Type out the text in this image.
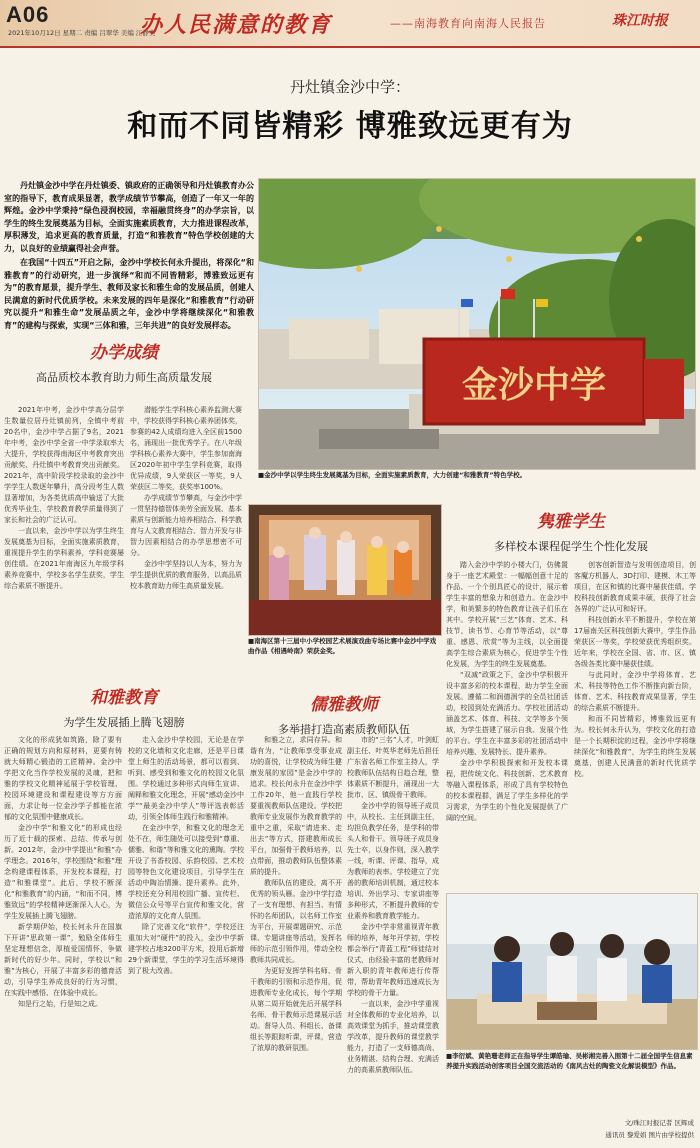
A06
2021年10月12日 星期二 责编 吕翠华 美编 江静奕
办人民满意的教育	——南海教育向南海人民报告	珠江时报
丹灶镇金沙中学：
和而不同皆精彩 博雅致远更有为

丹灶镇金沙中学在丹灶镇委、镇政府的正确领导和丹灶镇教育办公室的指导下，教育成果显著，教学成绩节节攀高，创造了一年又一年的辉煌。金沙中学秉持“绿色浸润校园，幸福融贯终身”的办学宗旨，以学生的终生发展奠基为目标，全面实施素质教育，大力推进课程改革，厚积薄发，追求更高的教育质量，打造“和雅教育”特色学校创建的大力，以良好的业绩赢得社会声誉。

在我国“十四五”开启之际，金沙中学校长何永升提出，将深化“和雅教育”的行动研究，进一步演绎“和而不同皆精彩，博雅致远更有为”的教育愿景，提升学生、教师及家长和雅生命的发展品质，创建人民满意的新时代优质学校。未来发展的四年是深化“和雅教育”行动研究以提升“和雅生命”发展品质之年，金沙中学将继续深化“和雅教育”的建构与探索，实现“三体和雅，三年共进”的良好发展样态。

金沙中学
■金沙中学以学生终生发展奠基为目标，全面实施素质教育，大力创建“和雅教育”特色学校。
■南海区第十三届中小学校园艺术展演戏曲专场比赛中金沙中学戏曲作品《相遇岭南》荣获金奖。
办学成绩
高品质校本教育助力师生高质量发展

2021年中考，金沙中学高分层学生数量位居丹灶镇前列，全镇中考前20名中，金沙中学占据了9名，2021年中考，金沙中学全省一中学录取率大大提升，学校获得南海区中考教育突出贡献奖、丹灶镇中考教育突出贡献奖。2021年，高中阶段学校录取的金沙中学学生人数逐年攀升，高分段考生人数显著增加，为各类优质高中输送了大批优秀毕业生，学校教育教学质量得到了家长和社会的广泛认可。

一直以来，金沙中学以为学生终生发展奠基为目标，全面实施素质教育，重视提升学生的学科素养，学科竞赛屡创佳绩。在2021年南海区九年级学科素养竞赛中，学校多名学生获奖，学生综合素质不断提升。

潜能学生学科核心素养监测大赛中，学校获得学科核心素养团体奖，参赛的42人成绩均进入全区前1500名，涌现出一批优秀学子。在八年级学科核心素养大赛中，学生参加南海区2020年初中学生学科竞赛，取得优异成绩，9人荣获区一等奖，9人荣获区二等奖，获奖率100%。

办学成绩节节攀高，与金沙中学一贯坚持德智体美劳全面发展、基本素质与创新能力培养相结合、科学教育与人文教育相结合、智力开发与非智力因素相结合的办学思想密不可分。

金沙中学坚持以人为本，努力为学生提供优质的教育服务，以高品质校本教育助力师生高质量发展。

和雅教育
为学生发展插上腾飞翅膀

文化的形成犹如筑路，除了要有正确的规划方向和原材料，更要有铸就大师精心锻造的工匠精神。金沙中学把文化当作学校发展的灵魂，把和雅的学校文化精神延展于学校管理、校园环境建设和课程建设等方方面面，力求让每一位金沙学子都能在浓郁的文化氛围中健康成长。

金沙中学“和雅文化”的形成也经历了近十载的探索、总结、传承与创新。2012年，金沙中学提出“和雅”办学理念。2016年，学校围绕“和雅”理念构建课程体系，开发校本课程，打造“和雅课堂”。此后，学校不断深化“和雅教育”的内涵，“和而不同，博雅致远”的学校精神逐渐深入人心，为学生发展插上腾飞翅膀。

新学期伊始，校长何永升在国旗下开讲“思政第一课”，勉励全体师生坚定理想信念，厚植爱国情怀，争做新时代的好少年。同时，学校以“和雅”为核心，开展了丰富多彩的德育活动，引导学生养成良好的行为习惯，在实践中感悟、在体验中成长。

知是行之始，行是知之成。

走入金沙中学校园，无论是在学校的文化墙和文化走廊，还是平日课堂上师生的活动场景，都可以看到、听到、感受到和雅文化的校园文化氛围。学校通过多种形式向师生宣讲、阐释和雅文化理念，开展“感动金沙中学”“最美金沙中学人”等评选表彰活动，引领全体师生践行和雅精神。

在金沙中学，和雅文化的理念无处不在，师生随处可以接受到“尊重、儒雅、和谐”等和雅文化的熏陶。学校开设了书香校园、乐韵校园、艺术校园等特色文化建设项目，引导学生在活动中陶冶情操、提升素养。此外，学校还充分利用校园广播、宣传栏、微信公众号等平台宣传和雅文化，营造浓厚的文化育人氛围。

除了完善文化“软件”，学校还注重加大对“硬件”的投入，金沙中学新建学校占地3200平方米，投用后新增29个新课堂，学生的学习生活环境得到了极大改善。

儒雅教师
多举措打造高素质教师队伍

和雅之立，求同存异。和谐有为，“让教师享受事业成功的喜悦，让学校成为师生健康发展的家园”是金沙中学的追求。校长何永升在金沙中学工作20年，他一直践行学校要重视教师队伍建设。学校把教师专业发展作为教育教学的重中之重，采取“请进来、走出去”等方式，搭建教师成长平台，加强骨干教师培养，以点带面，推动教师队伍整体素质的提升。

教师队伍的建设，离不开优秀的领头雁。金沙中学打造了一支有理想、有担当、有情怀的名师团队，以名师工作室为平台，开展课题研究、示范课、专题讲座等活动，发挥名师的示范引领作用，带动全校教师共同成长。

为更好发挥学科名师、骨干教师的引领和示范作用，促进教师专业化成长，每个学期从第二周开始就先后开展学科名师、骨干教师示范课展示活动。督导人员、科组长、备课组长等跟踪听课，评课，营造了浓厚的教研氛围。

市的“三名”人才，叶剑虹副主任、叶英华老师先后担任广东省名师工作室主持人，学校教师队伍结构日趋合理，整体素质不断提升，涌现出一大批市、区、镇级骨干教师。

金沙中学的领导班子成员中，从校长、主任到副主任，均担负教学任务，是学科的带头人和骨干。领导班子成员身先士卒，以身作则，深入教学一线，听课、评课、指导，成为教师的表率。学校建立了完善的教师培训机制，通过校本培训、外出学习、专家讲座等多种形式，不断提升教师的专业素养和教育教学能力。

金沙中学非常重视青年教师的培养，每年开学初，学校都会举行“青蓝工程”师徒结对仪式，由经验丰富的老教师对新入职的青年教师进行传帮带，帮助青年教师迅速成长为学校的骨干力量。

一直以来，金沙中学重视对全体教师的专业化培养，以高效课堂为抓手，推动课堂教学改革，提升教师的课堂教学能力，打造了一支师德高尚、业务精湛、结构合理、充满活力的高素质教师队伍。

隽雅学生
多样校本课程促学生个性化发展

踏入金沙中学的小楼大门，仿佛置身于一座艺术殿堂：一幅幅创意十足的作品、一个个别具匠心的设计，展示着学生丰富的想象力和创造力。在金沙中学，和美繁多的特色教育让孩子们乐在其中。学校开展“三艺”体育、艺术、科技节，读书节、心育节等活动，以“尊重、感恩、欣赏”等为主线，以全面提高学生综合素质为核心，促进学生个性化发展，为学生的终生发展奠基。

“双减”政策之下，金沙中学积极开设丰富多彩的校本课程，助力学生全面发展。遵循二和润德润学的全员社团活动，校园到处充满活力。学校社团活动涵盖艺术、体育、科技、文学等多个领域，为学生搭建了展示自我、发展个性的平台。学生在丰富多彩的社团活动中培养兴趣、发展特长、提升素养。

金沙中学积极探索和开发校本课程，把传统文化、科技创新、艺术教育等融入课程体系，形成了具有学校特色的校本课程群，满足了学生多样化的学习需求，为学生的个性化发展提供了广阔的空间。

创客创新智造与发明创造项目，创客魔方机器人、3D打印、建模、木工等项目，在区和镇的比赛中屡获佳绩。学校科技创新教育成果丰硕，获得了社会各界的广泛认可和好评。

科技创新水平不断提升，学校在第17届南关区科技创新大赛中，学生作品荣获区一等奖，学校荣获优秀组织奖。近年来，学校在全国、省、市、区、镇各级各类比赛中屡获佳绩。

与此同时，金沙中学将体育、艺术、科技等特色工作不断推向新台阶，体育、艺术、科技教育成果显著，学生的综合素质不断提升。

和而不同皆精彩，博雅致远更有为。校长何永升认为，学校文化的打造是一个长期积淀的过程，金沙中学将继续深化“和雅教育”，为学生的终生发展奠基，创建人民满意的新时代优质学校。

■李衍斌、黄艳珊老师正在指导学生谭皓瑜、吴彬湘完善入围第十二届全国学生信息素养提升实践活动创客项目全国交流活动的《南风古灶的陶瓷文化解说模型》作品。
文/珠江时报记者 区辉成
通讯员 黎爱娟 图片由学校提供
